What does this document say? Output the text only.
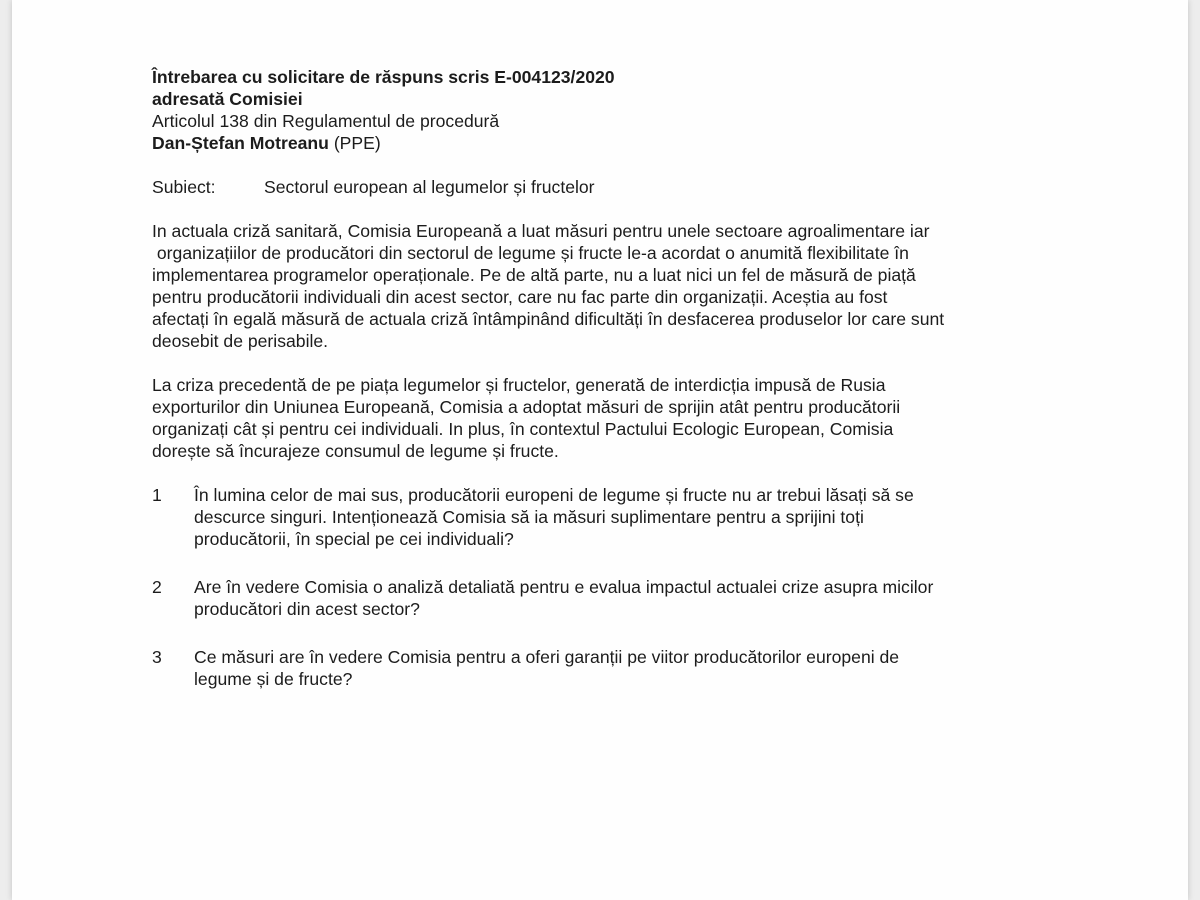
Întrebarea cu solicitare de răspuns scris E-004123/2020
adresată Comisiei
Articolul 138 din Regulamentul de procedură
Dan-Ștefan Motreanu (PPE)
Subiect:	Sectorul european al legumelor și fructelor
In actuala criză sanitară, Comisia Europeană a luat măsuri pentru unele sectoare agroalimentare iar
organizațiilor de producători din sectorul de legume și fructe le-a acordat o anumită flexibilitate în
implementarea programelor operaționale. Pe de altă parte, nu a luat nici un fel de măsură de piață
pentru producătorii individuali din acest sector, care nu fac parte din organizații. Aceștia au fost
afectați în egală măsură de actuala criză întâmpinând dificultăți în desfacerea produselor lor care sunt
deosebit de perisabile.
La criza precedentă de pe piața legumelor și fructelor, generată de interdicția impusă de Rusia
exporturilor din Uniunea Europeană, Comisia a adoptat măsuri de sprijin atât pentru producătorii
organizați cât și pentru cei individuali. In plus, în contextul Pactului Ecologic European, Comisia
dorește să încurajeze consumul de legume și fructe.
1	În lumina celor de mai sus, producătorii europeni de legume și fructe nu ar trebui lăsați să se
descurce singuri. Intenționează Comisia să ia măsuri suplimentare pentru a sprijini toți
producătorii, în special pe cei individuali?
2	Are în vedere Comisia o analiză detaliată pentru e evalua impactul actualei crize asupra micilor
producători din acest sector?
3	Ce măsuri are în vedere Comisia pentru a oferi garanții pe viitor producătorilor europeni de
legume și de fructe?
